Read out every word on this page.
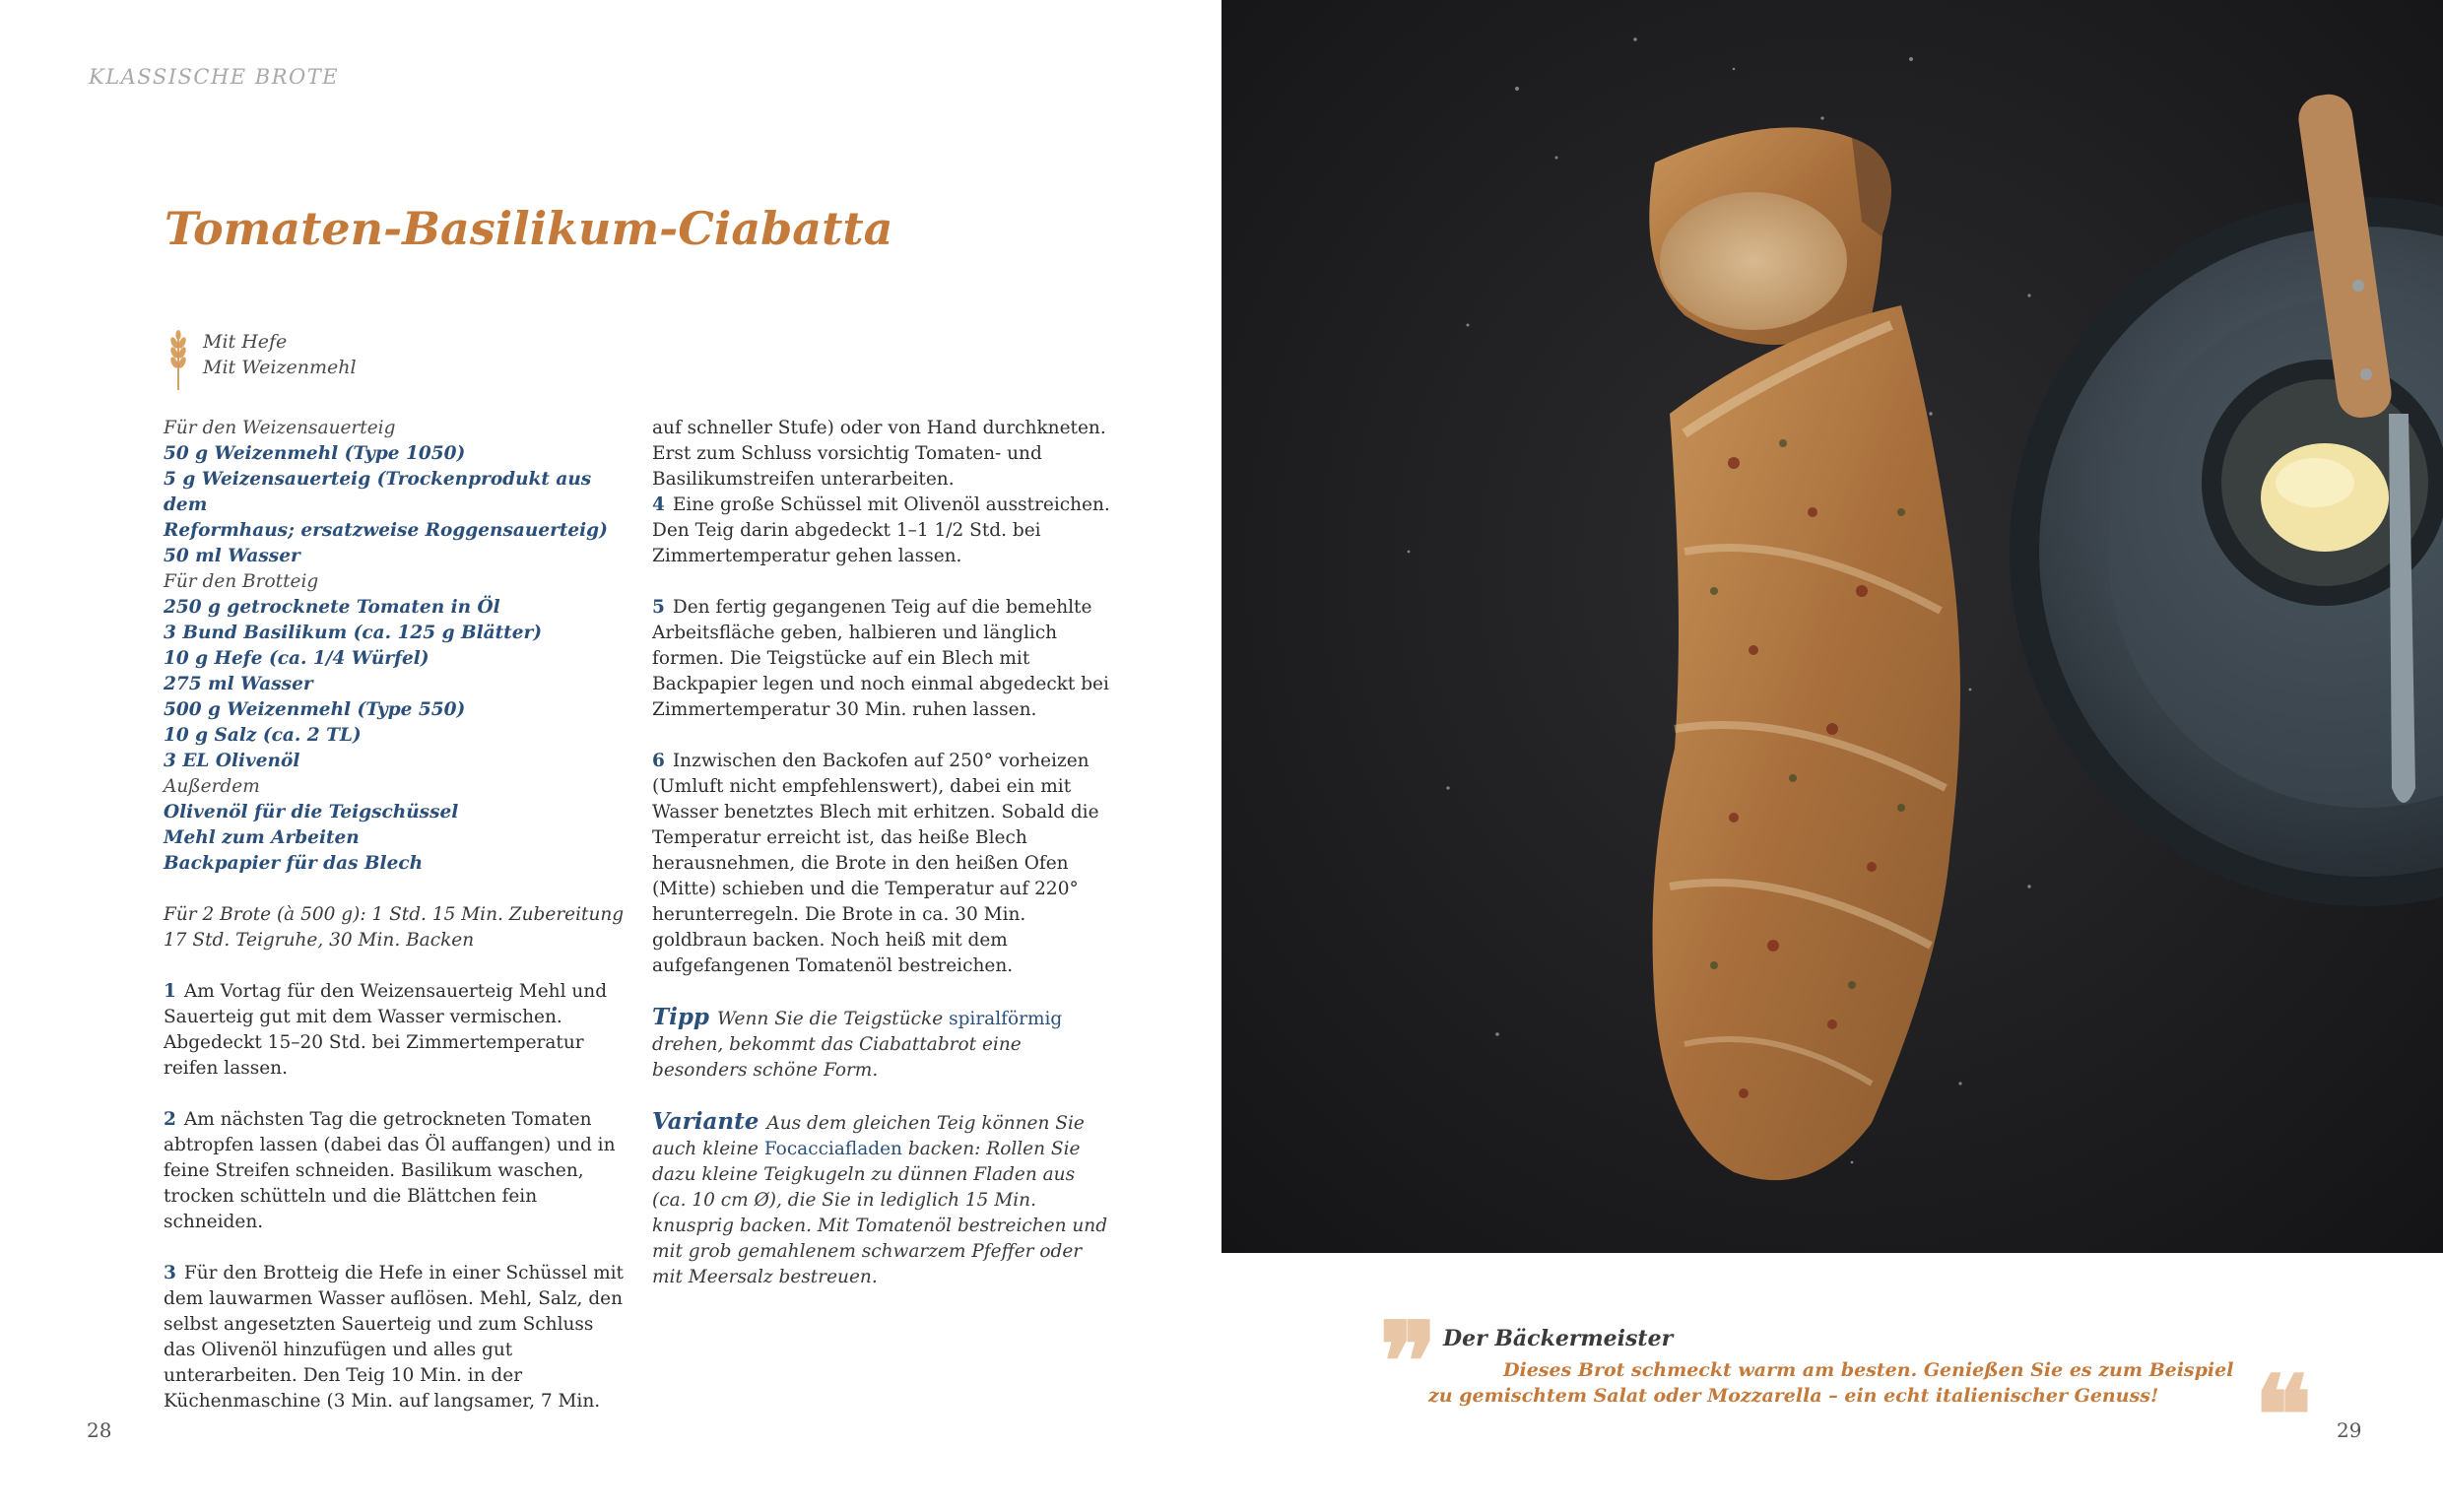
KLASSISCHE BROTE
Tomaten-Basilikum-Ciabatta
Mit Hefe
Mit Weizenmehl
Für den Weizensauerteig
50 g Weizenmehl (Type 1050)
5 g Weizensauerteig (Trockenprodukt aus dem
Reformhaus; ersatzweise Roggensauerteig)
50 ml Wasser
Für den Brotteig
250 g getrocknete Tomaten in Öl
3 Bund Basilikum (ca. 125 g Blätter)
10 g Hefe (ca. 1/4 Würfel)
275 ml Wasser
500 g Weizenmehl (Type 550)
10 g Salz (ca. 2 TL)
3 EL Olivenöl
Außerdem
Olivenöl für die Teigschüssel
Mehl zum Arbeiten
Backpapier für das Blech
Für 2 Brote (à 500 g): 1 Std. 15 Min. Zubereitung 17 Std. Teigruhe, 30 Min. Backen

1 Am Vortag für den Weizensauerteig Mehl und Sauerteig gut mit dem Wasser vermischen. Abgedeckt 15–20 Std. bei Zimmertemperatur reifen lassen.

2 Am nächsten Tag die getrockneten Tomaten abtropfen lassen (dabei das Öl auffangen) und in feine Streifen schneiden. Basilikum waschen, trocken schütteln und die Blättchen fein schneiden.

3 Für den Brotteig die Hefe in einer Schüssel mit dem lauwarmen Wasser auflösen. Mehl, Salz, den selbst angesetzten Sauerteig und zum Schluss das Olivenöl hinzufügen und alles gut unterarbeiten. Den Teig 10 Min. in der Küchenmaschine (3 Min. auf langsamer, 7 Min.

auf schneller Stufe) oder von Hand durchkneten. Erst zum Schluss vorsichtig Tomaten- und Basilikumstreifen unterarbeiten.

4 Eine große Schüssel mit Olivenöl ausstreichen. Den Teig darin abgedeckt 1–1 1/2 Std. bei Zimmertemperatur gehen lassen.

5 Den fertig gegangenen Teig auf die bemehlte Arbeitsfläche geben, halbieren und länglich formen. Die Teigstücke auf ein Blech mit Backpapier legen und noch einmal abgedeckt bei Zimmertemperatur 30 Min. ruhen lassen.

6 Inzwischen den Backofen auf 250° vorheizen (Umluft nicht empfehlenswert), dabei ein mit Wasser benetztes Blech mit erhitzen. Sobald die Temperatur erreicht ist, das heiße Blech herausnehmen, die Brote in den heißen Ofen (Mitte) schieben und die Temperatur auf 220° herunterregeln. Die Brote in ca. 30 Min. goldbraun backen. Noch heiß mit dem aufgefangenen Tomatenöl bestreichen.

Tipp Wenn Sie die Teigstücke spiralförmig drehen, bekommt das Ciabattabrot eine besonders schöne Form.
Variante Aus dem gleichen Teig können Sie auch kleine Focacciafladen backen: Rollen Sie dazu kleine Teigkugeln zu dünnen Fladen aus (ca. 10 cm Ø), die Sie in lediglich 15 Min. knusprig backen. Mit Tomatenöl bestreichen und mit grob gemahlenem schwarzem Pfeffer oder mit Meersalz bestreuen.
28	29
❞ Der Bäckermeister

Dieses Brot schmeckt warm am besten. Genießen Sie es zum Beispiel zu gemischtem Salat oder Mozzarella – ein echt italienischer Genuss! ❝
